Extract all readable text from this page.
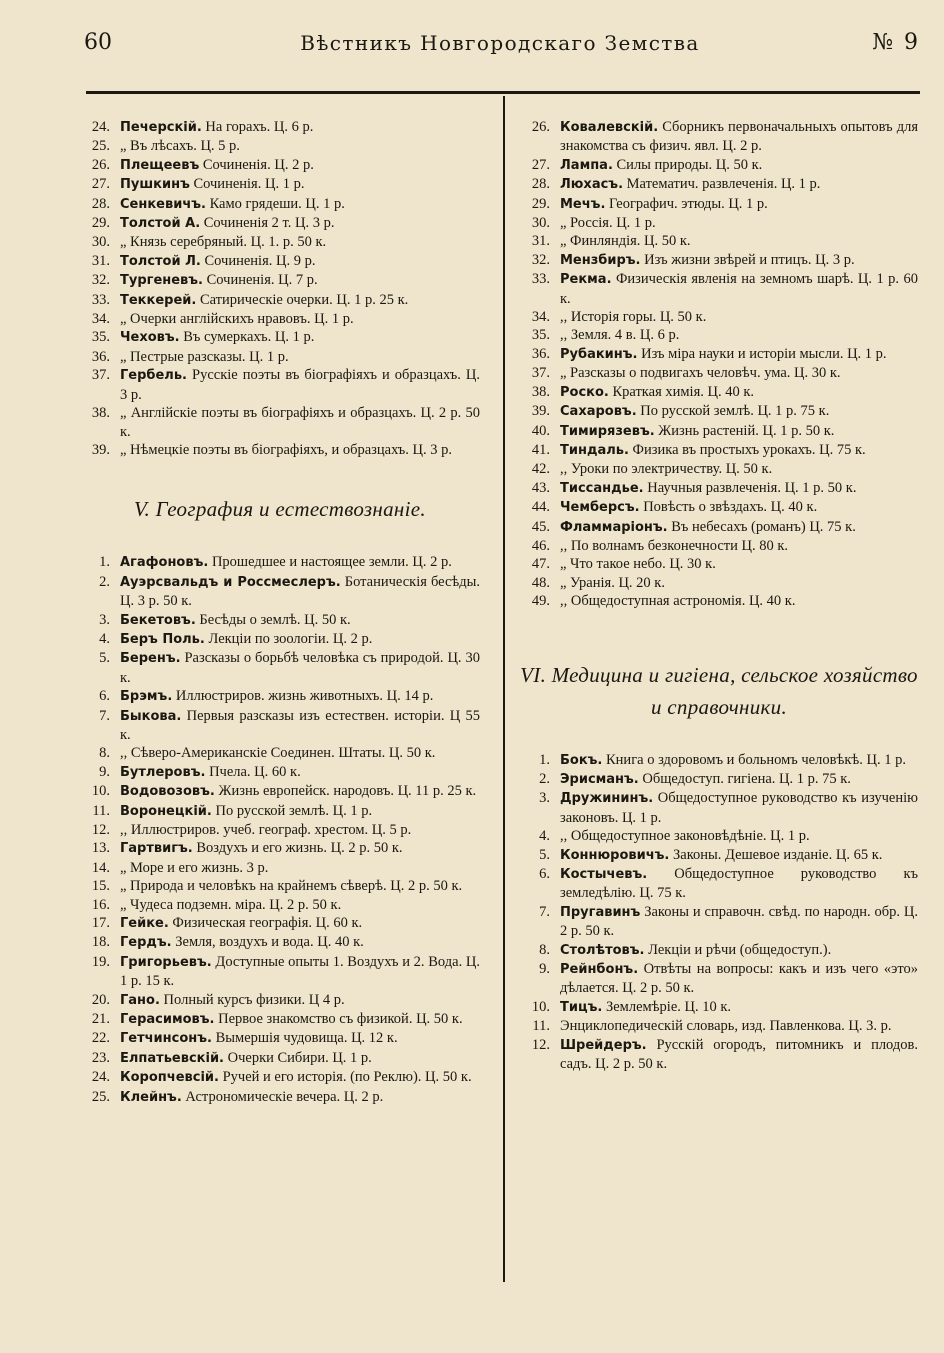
60	Вѣстникъ Новгородскаго Земства	№ 9
24. Печерскій. На горахъ. Ц. 6 р.
25. „ Въ лѣсахъ. Ц. 5 р.
26. Плещеевъ Сочиненія. Ц. 2 р.
27. Пушкинъ Сочиненія. Ц. 1 р.
28. Сенкевичъ. Камо грядеши. Ц. 1 р.
29. Толстой А. Сочиненія 2 т. Ц. 3 р.
30. „ Князь серебряный. Ц. 1. р. 50 к.
31. Толстой Л. Сочиненія. Ц. 9 р.
32. Тургеневъ. Сочиненія. Ц. 7 р.
33. Теккерей. Сатирическіе очерки. Ц. 1 р. 25 к.
34. „ Очерки англійскихъ нравовъ. Ц. 1 р.
35. Чеховъ. Въ сумеркахъ. Ц. 1 р.
36. „ Пестрые разсказы. Ц. 1 р.
37. Гербель. Русскіе поэты въ біографіяхъ и образцахъ. Ц. 3 р.
38. „ Англійскіе поэты въ біографіяхъ и образцахъ. Ц. 2 р. 50 к.
39. „ Нѣмецкіе поэты въ біографіяхъ, и образцахъ. Ц. 3 р.
V. География и естествознаніе.
1. Агафоновъ. Прошедшее и настоящее земли. Ц. 2 р.
2. Ауэрсвальдъ и Россмеслеръ. Ботаническія бесѣды. Ц. 3 р. 50 к.
3. Бекетовъ. Бесѣды о землѣ. Ц. 50 к.
4. Беръ Поль. Лекціи по зоологіи. Ц. 2 р.
5. Беренъ. Разсказы о борьбѣ человѣка съ природой. Ц. 30 к.
6. Брэмъ. Иллюстриров. жизнь животныхъ. Ц. 14 р.
7. Быкова. Первыя разсказы изъ естествен. исторіи. Ц 55 к.
8. ,, Сѣверо-Американскіе Соединен. Штаты. Ц. 50 к.
9. Бутлеровъ. Пчела. Ц. 60 к.
10. Водовозовъ. Жизнь европейск. народовъ. Ц. 11 р. 25 к.
11. Воронецкій. По русской землѣ. Ц. 1 р.
12. ,, Иллюстриров. учеб. географ. хрестом. Ц. 5 р.
13. Гартвигъ. Воздухъ и его жизнь. Ц. 2 р. 50 к.
14. „ Море и его жизнь. 3 р.
15. „ Природа и человѣкъ на крайнемъ сѣверѣ. Ц. 2 р. 50 к.
16. „ Чудеса подземн. міра. Ц. 2 р. 50 к.
17. Гейке. Физическая географія. Ц. 60 к.
18. Гердъ. Земля, воздухъ и вода. Ц. 40 к.
19. Григорьевъ. Доступные опыты 1. Воздухъ и 2. Вода. Ц. 1 р. 15 к.
20. Гано. Полный курсъ физики. Ц 4 р.
21. Герасимовъ. Первое знакомство съ физикой. Ц. 50 к.
22. Гетчинсонъ. Вымершія чудовища. Ц. 12 к.
23. Елпатьевскій. Очерки Сибири. Ц. 1 р.
24. Коропчевсій. Ручей и его исторія. (по Реклю). Ц. 50 к.
25. Клейнъ. Астрономическіе вечера. Ц. 2 р.
26. Ковалевскій. Сборникъ первоначальныхъ опытовъ для знакомства съ физич. явл. Ц. 2 р.
27. Лампа. Силы природы. Ц. 50 к.
28. Люхасъ. Математич. развлеченія. Ц. 1 р.
29. Мечъ. Географич. этюды. Ц. 1 р.
30. „ Россія. Ц. 1 р.
31. „ Финляндія. Ц. 50 к.
32. Мензбиръ. Изъ жизни звѣрей и птицъ. Ц. 3 р.
33. Рекма. Физическія явленія на земномъ шарѣ. Ц. 1 р. 60 к.
34. ,, Исторія горы. Ц. 50 к.
35. ,, Земля. 4 в. Ц. 6 р.
36. Рубакинъ. Изъ міра науки и исторіи мысли. Ц. 1 р.
37. „ Разсказы о подвигахъ человѣч. ума. Ц. 30 к.
38. Роско. Краткая химія. Ц. 40 к.
39. Сахаровъ. По русской землѣ. Ц. 1 р. 75 к.
40. Тимирязевъ. Жизнь растеній. Ц. 1 р. 50 к.
41. Тиндаль. Физика въ простыхъ урокахъ. Ц. 75 к.
42. ,, Уроки по электричеству. Ц. 50 к.
43. Тиссандье. Научныя развлеченія. Ц. 1 р. 50 к.
44. Чемберсъ. Повѣсть о звѣздахъ. Ц. 40 к.
45. Фламмаріонъ. Въ небесахъ (романъ) Ц. 75 к.
46. ,, По волнамъ безконечности Ц. 80 к.
47. „ Что такое небо. Ц. 30 к.
48. „ Уранія. Ц. 20 к.
49. ,, Общедоступная астрономія. Ц. 40 к.
VI. Медицина и гигіена, сельское хозяйство и справочники.
1. Бокъ. Книга о здоровомъ и больномъ человѣкѣ. Ц. 1 р.
2. Эрисманъ. Общедоступ. гигіена. Ц. 1 р. 75 к.
3. Дружининъ. Общедоступное руководство къ изученію законовъ. Ц. 1 р.
4. ,, Общедоступное законовѣдѣніе. Ц. 1 р.
5. Коннюровичъ. Законы. Дешевое изданіе. Ц. 65 к.
6. Костычевъ. Общедоступное руководство къ земледѣлію. Ц. 75 к.
7. Пругавинъ Законы и справочн. свѣд. по народн. обр. Ц. 2 р. 50 к.
8. Столѣтовъ. Лекціи и рѣчи (общедоступ.).
9. Рейнбонъ. Отвѣты на вопросы: какъ и изъ чего «это» дѣлается. Ц. 2 р. 50 к.
10. Тицъ. Землемѣріе. Ц. 10 к.
11. Энциклопедическій словарь, изд. Павленкова. Ц. 3. р.
12. Шрейдеръ. Русскій огородъ, питомникъ и плодов. садъ. Ц. 2 р. 50 к.
